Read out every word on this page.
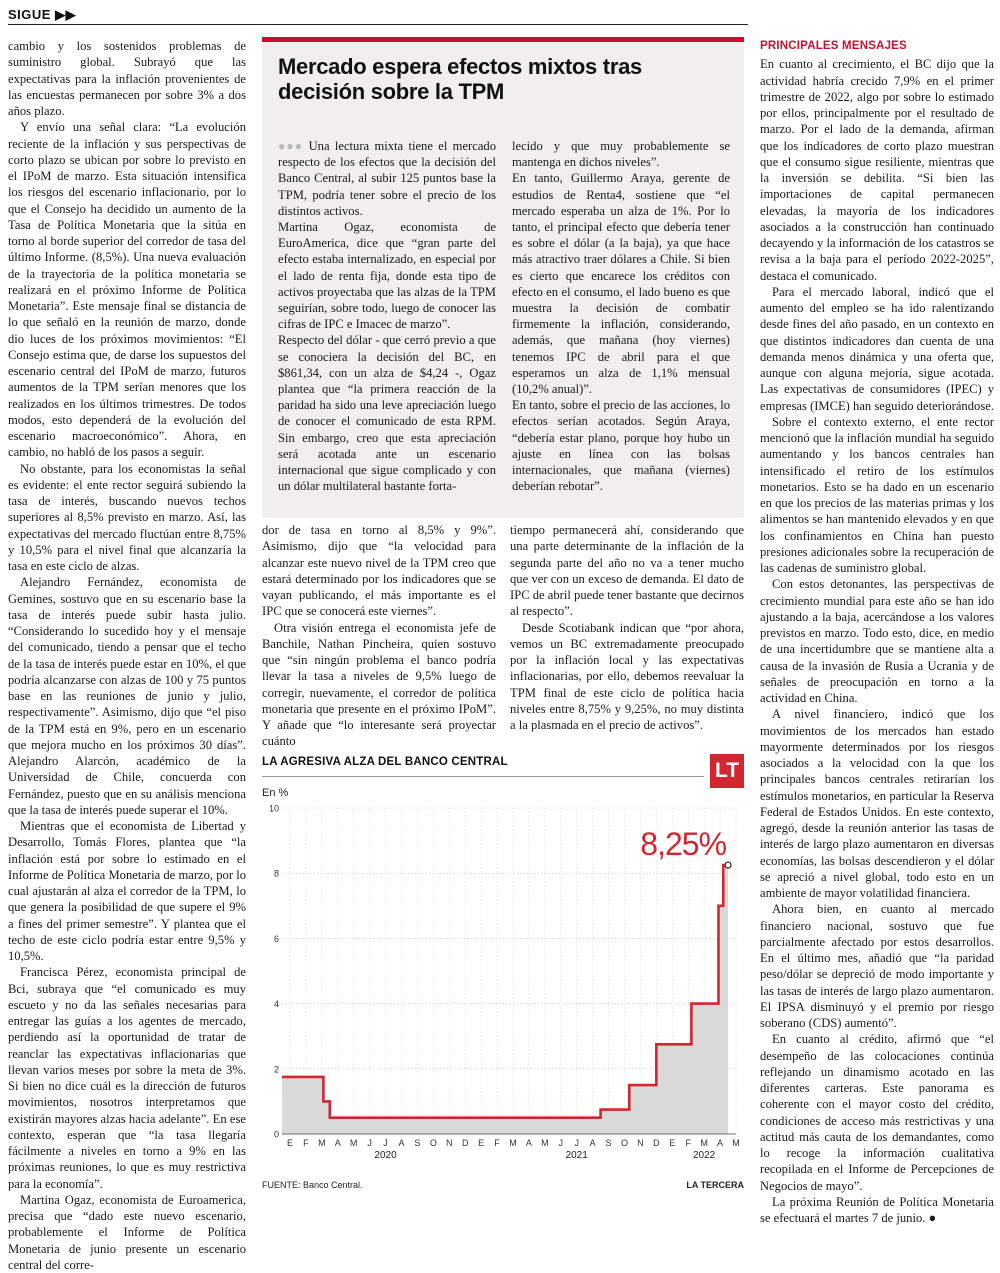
SIGUE ▶▶

cambio y los sostenidos problemas de suministro global. Subrayó que las expectativas para la inflación provenientes de las encuestas permanecen por sobre 3% a dos años plazo.

Y envío una señal clara: “La evolución reciente de la inflación y sus perspectivas de corto plazo se ubican por sobre lo previsto en el IPoM de marzo. Esta situación intensifica los riesgos del escenario inflacionario, por lo que el Consejo ha decidido un aumento de la Tasa de Política Monetaria que la sitúa en torno al borde superior del corredor de tasa del último Informe. (8,5%). Una nueva evaluación de la trayectoria de la política monetaria se realizará en el próximo Informe de Política Monetaria”. Este mensaje final se distancia de lo que señaló en la reunión de marzo, donde dio luces de los próximos movimientos: “El Consejo estima que, de darse los supuestos del escenario central del IPoM de marzo, futuros aumentos de la TPM serían menores que los realizados en los últimos trimestres. De todos modos, esto dependerá de la evolución del escenario macroeconómico”. Ahora, en cambio, no habló de los pasos a seguir.

No obstante, para los economistas la señal es evidente: el ente rector seguirá subiendo la tasa de interés, buscando nuevos techos superiores al 8,5% previsto en marzo. Así, las expectativas del mercado fluctúan entre 8,75% y 10,5% para el nivel final que alcanzaría la tasa en este ciclo de alzas.

Alejandro Fernández, economista de Gemines, sostuvo que en su escenario base la tasa de interés puede subir hasta julio. “Considerando lo sucedido hoy y el mensaje del comunicado, tiendo a pensar que el techo de la tasa de interés puede estar en 10%, el que podría alcanzarse con alzas de 100 y 75 puntos base en las reuniones de junio y julio, respectivamente”. Asimismo, dijo que “el piso de la TPM está en 9%, pero en un escenario que mejora mucho en los próximos 30 días”. Alejandro Alarcón, académico de la Universidad de Chile, concuerda con Fernández, puesto que en su análisis menciona que la tasa de interés puede superar el 10%.

Mientras que el economista de Libertad y Desarrollo, Tomás Flores, plantea que “la inflación está por sobre lo estimado en el Informe de Política Monetaria de marzo, por lo cual ajustarán al alza el corredor de la TPM, lo que genera la posibilidad de que supere el 9% a fines del primer semestre”. Y plantea que el techo de este ciclo podría estar entre 9,5% y 10,5%.

Francisca Pérez, economista principal de Bci, subraya que “el comunicado es muy escueto y no da las señales necesarias para entregar las guías a los agentes de mercado, perdiendo así la oportunidad de tratar de reanclar las expectativas inflacionarias que llevan varios meses por sobre la meta de 3%. Si bien no dice cuál es la dirección de futuros movimientos, nosotros interpretamos que existirán mayores alzas hacia adelante”. En ese contexto, esperan que “la tasa llegaría fácilmente a niveles en torno a 9% en las próximas reuniones, lo que es muy restrictiva para la economía”.

Martina Ogaz, economista de Euroamerica, precisa que “dado este nuevo escenario, probablemente el Informe de Política Monetaria de junio presente un escenario central del corre-

Mercado espera efectos mixtos tras decisión sobre la TPM

●●● Una lectura mixta tiene el mercado respecto de los efectos que la decisión del Banco Central, al subir 125 puntos base la TPM, podría tener sobre el precio de los distintos activos.

Martina Ogaz, economista de EuroAmerica, dice que “gran parte del efecto estaba internalizado, en especial por el lado de renta fija, donde esta tipo de activos proyectaba que las alzas de la TPM seguirían, sobre todo, luego de conocer las cifras de IPC e Imacec de marzo”.

Respecto del dólar - que cerró previo a que se conociera la decisión del BC, en $861,34, con un alza de $4,24 -, Ogaz plantea que “la primera reacción de la paridad ha sido una leve apreciación luego de conocer el comunicado de esta RPM. Sin embargo, creo que esta apreciación será acotada ante un escenario internacional que sigue complicado y con un dólar multilateral bastante forta-

lecido y que muy probablemente se mantenga en dichos niveles”.

En tanto, Guillermo Araya, gerente de estudios de Renta4, sostiene que “el mercado esperaba un alza de 1%. Por lo tanto, el principal efecto que debería tener es sobre el dólar (a la baja), ya que hace más atractivo traer dólares a Chile. Si bien es cierto que encarece los créditos con efecto en el consumo, el lado bueno es que muestra la decisión de combatir firmemente la inflación, considerando, además, que mañana (hoy viernes) tenemos IPC de abril para el que esperamos un alza de 1,1% mensual (10,2% anual)”.

En tanto, sobre el precio de las acciones, lo efectos serían acotados. Según Araya, “debería estar plano, porque hoy hubo un ajuste en línea con las bolsas internacionales, que mañana (viernes) deberían rebotar”.

dor de tasa en torno al 8,5% y 9%”. Asimismo, dijo que “la velocidad para alcanzar este nuevo nivel de la TPM creo que estará determinado por los indicadores que se vayan publicando, el más importante es el IPC que se conocerá este viernes”.

Otra visión entrega el economista jefe de Banchile, Nathan Pincheira, quien sostuvo que “sin ningún problema el banco podría llevar la tasa a niveles de 9,5% luego de corregir, nuevamente, el corredor de política monetaria que presente en el próximo IPoM”. Y añade que “lo interesante será proyectar cuánto

tiempo permanecerá ahí, considerando que una parte determinante de la inflación de la segunda parte del año no va a tener mucho que ver con un exceso de demanda. El dato de IPC de abril puede tener bastante que decirnos al respecto”.

Desde Scotiabank indican que “por ahora, vemos un BC extremadamente preocupado por la inflación local y las expectativas inflacionarias, por ello, debemos reevaluar la TPM final de este ciclo de política hacia niveles entre 8,75% y 9,25%, no muy distinta a la plasmada en el precio de activos”.

LA AGRESIVA ALZA DEL BANCO CENTRAL	LT
En %
0
2
4
6
8
10
8,25%
E F M A M J J A S O N D E F M A M J J A S O N D E F M A M
2020	2021	2022
FUENTE: Banco Central.	LA TERCERA
PRINCIPALES MENSAJES

En cuanto al crecimiento, el BC dijo que la actividad habría crecido 7,9% en el primer trimestre de 2022, algo por sobre lo estimado por ellos, principalmente por el resultado de marzo. Por el lado de la demanda, afirman que los indicadores de corto plazo muestran que el consumo sigue resiliente, mientras que la inversión se debilita. “Si bien las importaciones de capital permanecen elevadas, la mayoría de los indicadores asociados a la construcción han continuado decayendo y la información de los catastros se revisa a la baja para el período 2022-2025”, destaca el comunicado.

Para el mercado laboral, indicó que el aumento del empleo se ha ido ralentizando desde fines del año pasado, en un contexto en que distintos indicadores dan cuenta de una demanda menos dinámica y una oferta que, aunque con alguna mejoría, sigue acotada. Las expectativas de consumidores (IPEC) y empresas (IMCE) han seguido deteriorándose.

Sobre el contexto externo, el ente rector mencionó que la inflación mundial ha seguido aumentando y los bancos centrales han intensificado el retiro de los estímulos monetarios. Esto se ha dado en un escenario en que los precios de las materias primas y los alimentos se han mantenido elevados y en que los confinamientos en China han puesto presiones adicionales sobre la recuperación de las cadenas de suministro global.

Con estos detonantes, las perspectivas de crecimiento mundial para este año se han ido ajustando a la baja, acercándose a los valores previstos en marzo. Todo esto, dice, en medio de una incertidumbre que se mantiene alta a causa de la invasión de Rusia a Ucrania y de señales de preocupación en torno a la actividad en China.

A nivel financiero, indicó que los movimientos de los mercados han estado mayormente determinados por los riesgos asociados a la velocidad con la que los principales bancos centrales retirarían los estímulos monetarios, en particular la Reserva Federal de Estados Unidos. En este contexto, agregó, desde la reunión anterior las tasas de interés de largo plazo aumentaron en diversas economías, las bolsas descendieron y el dólar se apreció a nivel global, todo esto en un ambiente de mayor volatilidad financiera.

Ahora bien, en cuanto al mercado financiero nacional, sostuvo que fue parcialmente afectado por estos desarrollos. En el último mes, añadió que “la paridad peso/dólar se depreció de modo importante y las tasas de interés de largo plazo aumentaron. El IPSA disminuyó y el premio por riesgo soberano (CDS) aumentó”.

En cuanto al crédito, afirmó que “el desempeño de las colocaciones continúa reflejando un dinamismo acotado en las diferentes carteras. Este panorama es coherente con el mayor costo del crédito, condiciones de acceso más restrictivas y una actitud más cauta de los demandantes, como lo recoge la información cualitativa recopilada en el Informe de Percepciones de Negocios de mayo”.

La próxima Reunión de Política Monetaria se efectuará el martes 7 de junio. ●
